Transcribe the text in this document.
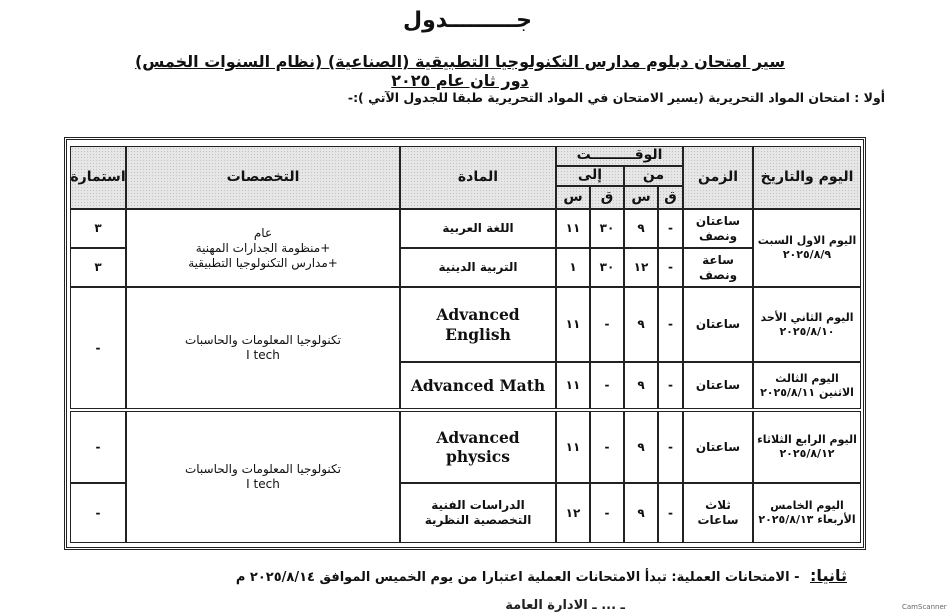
جـــــــــدول
سير امتحان دبلوم مدارس التكنولوجيا التطبيقية (الصناعية) (نظام السنوات الخمس) دور ثان عام ٢٠٢٥
أولا : امتحان المواد التحريرية (يسير الامتحان في المواد التحريرية طبقا للجدول الآتي ):-
اليوم والتاريخ
الزمن
الوقـــــــــت
من
إلى
ق
س
ق
س
المادة
التخصصات
استمارة
اليوم الاول السبت ٢٠٢٥/٨/٩
ساعتان ونصف
-
٩
٣٠
١١
اللغة العربية
٣
ساعة ونصف
-
١٢
٣٠
١
التربية الدينية
٣
عام
+منظومة الجدارات المهنية
+مدارس التكنولوجيا التطبيقية
اليوم الثاني الأحد ٢٠٢٥/٨/١٠
ساعتان
-
٩
-
١١
Advanced English
اليوم الثالث الاثنين ٢٠٢٥/٨/١١
ساعتان
-
٩
-
١١
Advanced Math
تكنولوجيا المعلومات والحاسبات
I tech
-
اليوم الرابع الثلاثاء ٢٠٢٥/٨/١٢
ساعتان
-
٩
-
١١
Advanced physics
-
اليوم الخامس الأربعاء ٢٠٢٥/٨/١٣
ثلاث ساعات
-
٩
-
١٢
الدراسات الفنية التخصصية النظرية
-
تكنولوجيا المعلومات والحاسبات
I tech
ثانيا: - الامتحانات العملية: تبدأ الامتحانات العملية اعتبارا من يوم الخميس الموافق ٢٠٢٥/٨/١٤ م
ـ ... ـ الادارة العامة	CamScanner
